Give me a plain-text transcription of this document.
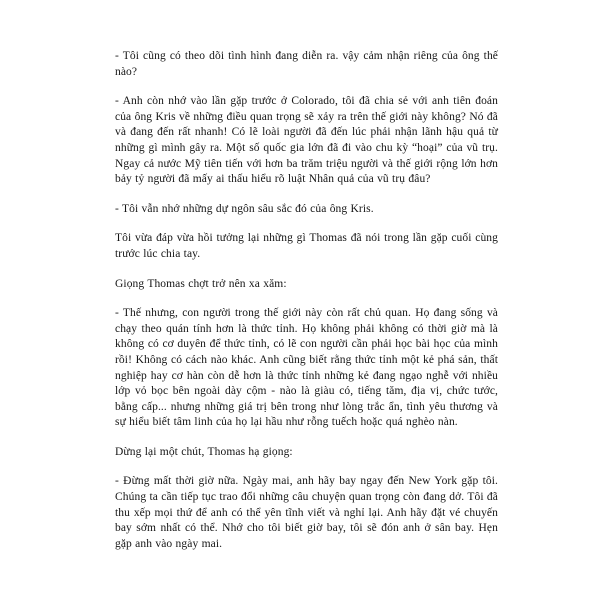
- Tôi cũng có theo dõi tình hình đang diễn ra. vậy cảm nhận riêng của ông thế nào?

- Anh còn nhớ vào lần gặp trước ở Colorado, tôi đã chia sẻ với anh tiên đoán của ông Kris về những điều quan trọng sẽ xảy ra trên thế giới này không? Nó đã và đang đến rất nhanh! Có lẽ loài người đã đến lúc phải nhận lãnh hậu quả từ những gì mình gây ra. Một số quốc gia lớn đã đi vào chu kỳ “hoại” của vũ trụ. Ngay cả nước Mỹ tiên tiến với hơn ba trăm triệu người và thế giới rộng lớn hơn bảy tỷ người đã mấy ai thấu hiểu rõ luật Nhân quả của vũ trụ đâu?

- Tôi vẫn nhớ những dự ngôn sâu sắc đó của ông Kris.

Tôi vừa đáp vừa hồi tưởng lại những gì Thomas đã nói trong lần gặp cuối cùng trước lúc chia tay.

Giọng Thomas chợt trở nên xa xăm:

- Thế nhưng, con người trong thế giới này còn rất chủ quan. Họ đang sống và chạy theo quán tính hơn là thức tỉnh. Họ không phải không có thời giờ mà là không có cơ duyên để thức tỉnh, có lẽ con người cần phải học bài học của mình rồi! Không có cách nào khác. Anh cũng biết rằng thức tỉnh một kẻ phá sản, thất nghiệp hay cơ hàn còn dễ hơn là thức tỉnh những kẻ đang ngạo nghễ với nhiều lớp vỏ bọc bên ngoài dày cộm - nào là giàu có, tiếng tăm, địa vị, chức tước, bằng cấp... nhưng những giá trị bên trong như lòng trắc ẩn, tình yêu thương và sự hiểu biết tâm linh của họ lại hầu như rỗng tuếch hoặc quá nghèo nàn.

Dừng lại một chút, Thomas hạ giọng:

- Đừng mất thời giờ nữa. Ngày mai, anh hãy bay ngay đến New York gặp tôi. Chúng ta cần tiếp tục trao đổi những câu chuyện quan trọng còn đang dở. Tôi đã thu xếp mọi thứ để anh có thể yên tĩnh viết và nghỉ lại. Anh hãy đặt vé chuyến bay sớm nhất có thể. Nhớ cho tôi biết giờ bay, tôi sẽ đón anh ở sân bay. Hẹn gặp anh vào ngày mai.
